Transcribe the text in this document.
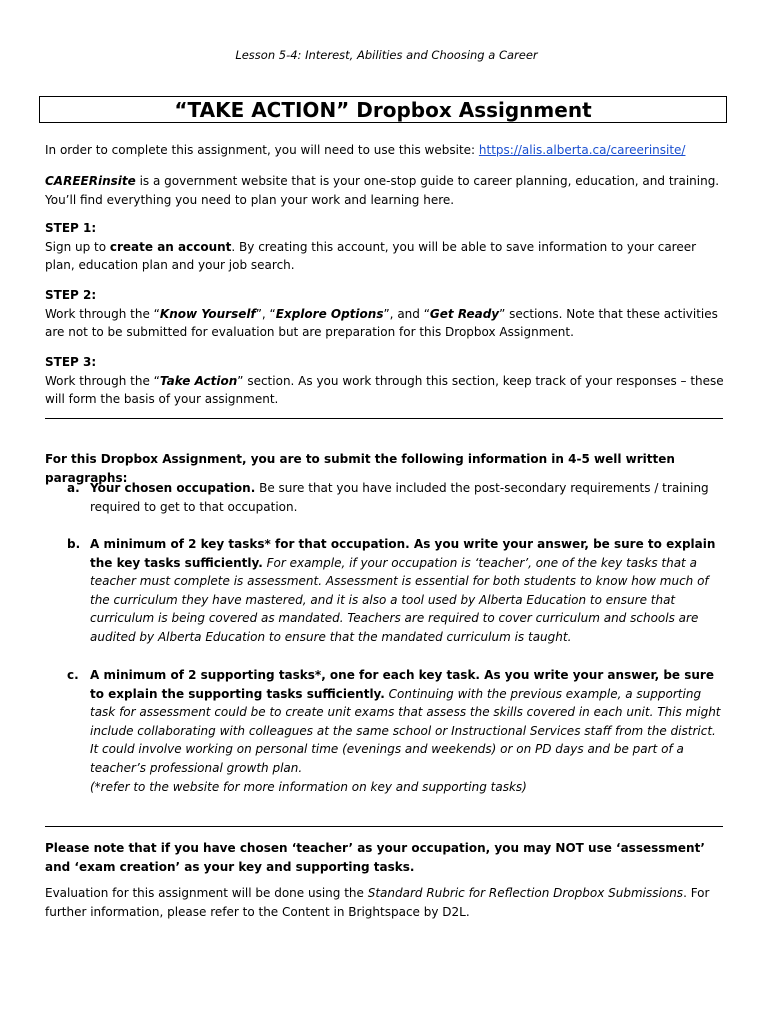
Lesson 5-4: Interest, Abilities and Choosing a Career
“TAKE ACTION” Dropbox Assignment

In order to complete this assignment, you will need to use this website: https://alis.alberta.ca/careerinsite/

CAREERinsite is a government website that is your one-stop guide to career planning, education, and training. You’ll find everything you need to plan your work and learning here.

STEP 1:

Sign up to create an account. By creating this account, you will be able to save information to your career plan, education plan and your job search.

STEP 2:

Work through the “Know Yourself”, “Explore Options”, and “Get Ready” sections. Note that these activities are not to be submitted for evaluation but are preparation for this Dropbox Assignment.

STEP 3:

Work through the “Take Action” section. As you work through this section, keep track of your responses – these will form the basis of your assignment.

For this Dropbox Assignment, you are to submit the following information in 4-5 well written paragraphs:

a. Your chosen occupation. Be sure that you have included the post-secondary requirements / training required to get to that occupation.
b. A minimum of 2 key tasks* for that occupation. As you write your answer, be sure to explain the key tasks sufficiently. For example, if your occupation is ‘teacher’, one of the key tasks that a teacher must complete is assessment. Assessment is essential for both students to know how much of the curriculum they have mastered, and it is also a tool used by Alberta Education to ensure that curriculum is being covered as mandated. Teachers are required to cover curriculum and schools are audited by Alberta Education to ensure that the mandated curriculum is taught.
c. A minimum of 2 supporting tasks*, one for each key task. As you write your answer, be sure to explain the supporting tasks sufficiently. Continuing with the previous example, a supporting task for assessment could be to create unit exams that assess the skills covered in each unit. This might include collaborating with colleagues at the same school or Instructional Services staff from the district. It could involve working on personal time (evenings and weekends) or on PD days and be part of a teacher’s professional growth plan.
(*refer to the website for more information on key and supporting tasks)

Please note that if you have chosen ‘teacher’ as your occupation, you may NOT use ‘assessment’ and ‘exam creation’ as your key and supporting tasks.

Evaluation for this assignment will be done using the Standard Rubric for Reflection Dropbox Submissions. For further information, please refer to the Content in Brightspace by D2L.
